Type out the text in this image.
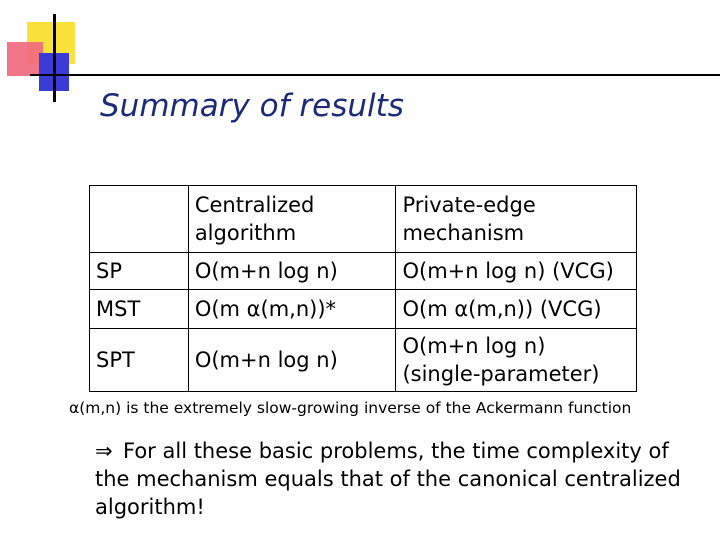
Summary of results
	Centralized algorithm	Private-edge mechanism
SP	O(m+n log n)	O(m+n log n) (VCG)
MST	O(m α(m,n))*	O(m α(m,n)) (VCG)
SPT	O(m+n log n)	O(m+n log n) (single-parameter)
α(m,n) is the extremely slow-growing inverse of the Ackermann function
⇒ For all these basic problems, the time complexity of the mechanism equals that of the canonical centralized algorithm!
